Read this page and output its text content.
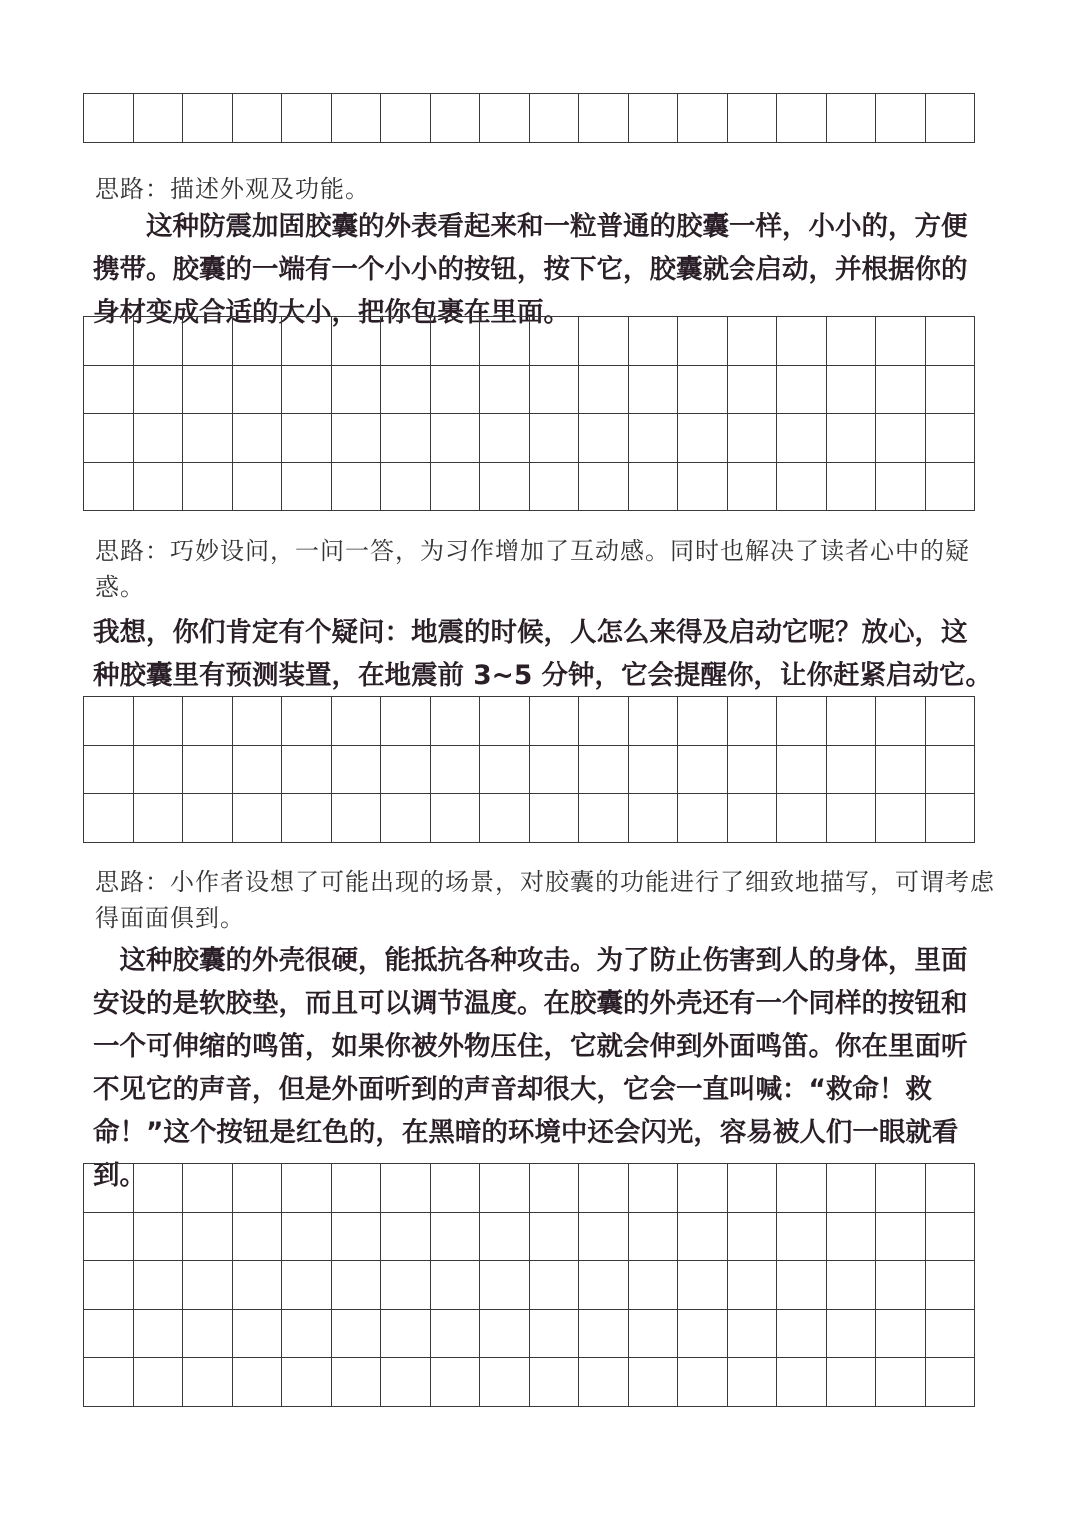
思路：描述外观及功能。

　　这种防震加固胶囊的外表看起来和一粒普通的胶囊一样，小小的，方便携带。胶囊的一端有一个小小的按钮，按下它，胶囊就会启动，并根据你的身材变成合适的大小，把你包裹在里面。

思路：巧妙设问，一问一答，为习作增加了互动感。同时也解决了读者心中的疑惑。

我想，你们肯定有个疑问：地震的时候，人怎么来得及启动它呢？放心，这种胶囊里有预测装置，在地震前 3~5 分钟，它会提醒你，让你赶紧启动它。

思路：小作者设想了可能出现的场景，对胶囊的功能进行了细致地描写，可谓考虑得面面俱到。

　这种胶囊的外壳很硬，能抵抗各种攻击。为了防止伤害到人的身体，里面安设的是软胶垫，而且可以调节温度。在胶囊的外壳还有一个同样的按钮和一个可伸缩的鸣笛，如果你被外物压住，它就会伸到外面鸣笛。你在里面听不见它的声音，但是外面听到的声音却很大，它会一直叫喊：“救命！救命！”这个按钮是红色的，在黑暗的环境中还会闪光，容易被人们一眼就看到。
